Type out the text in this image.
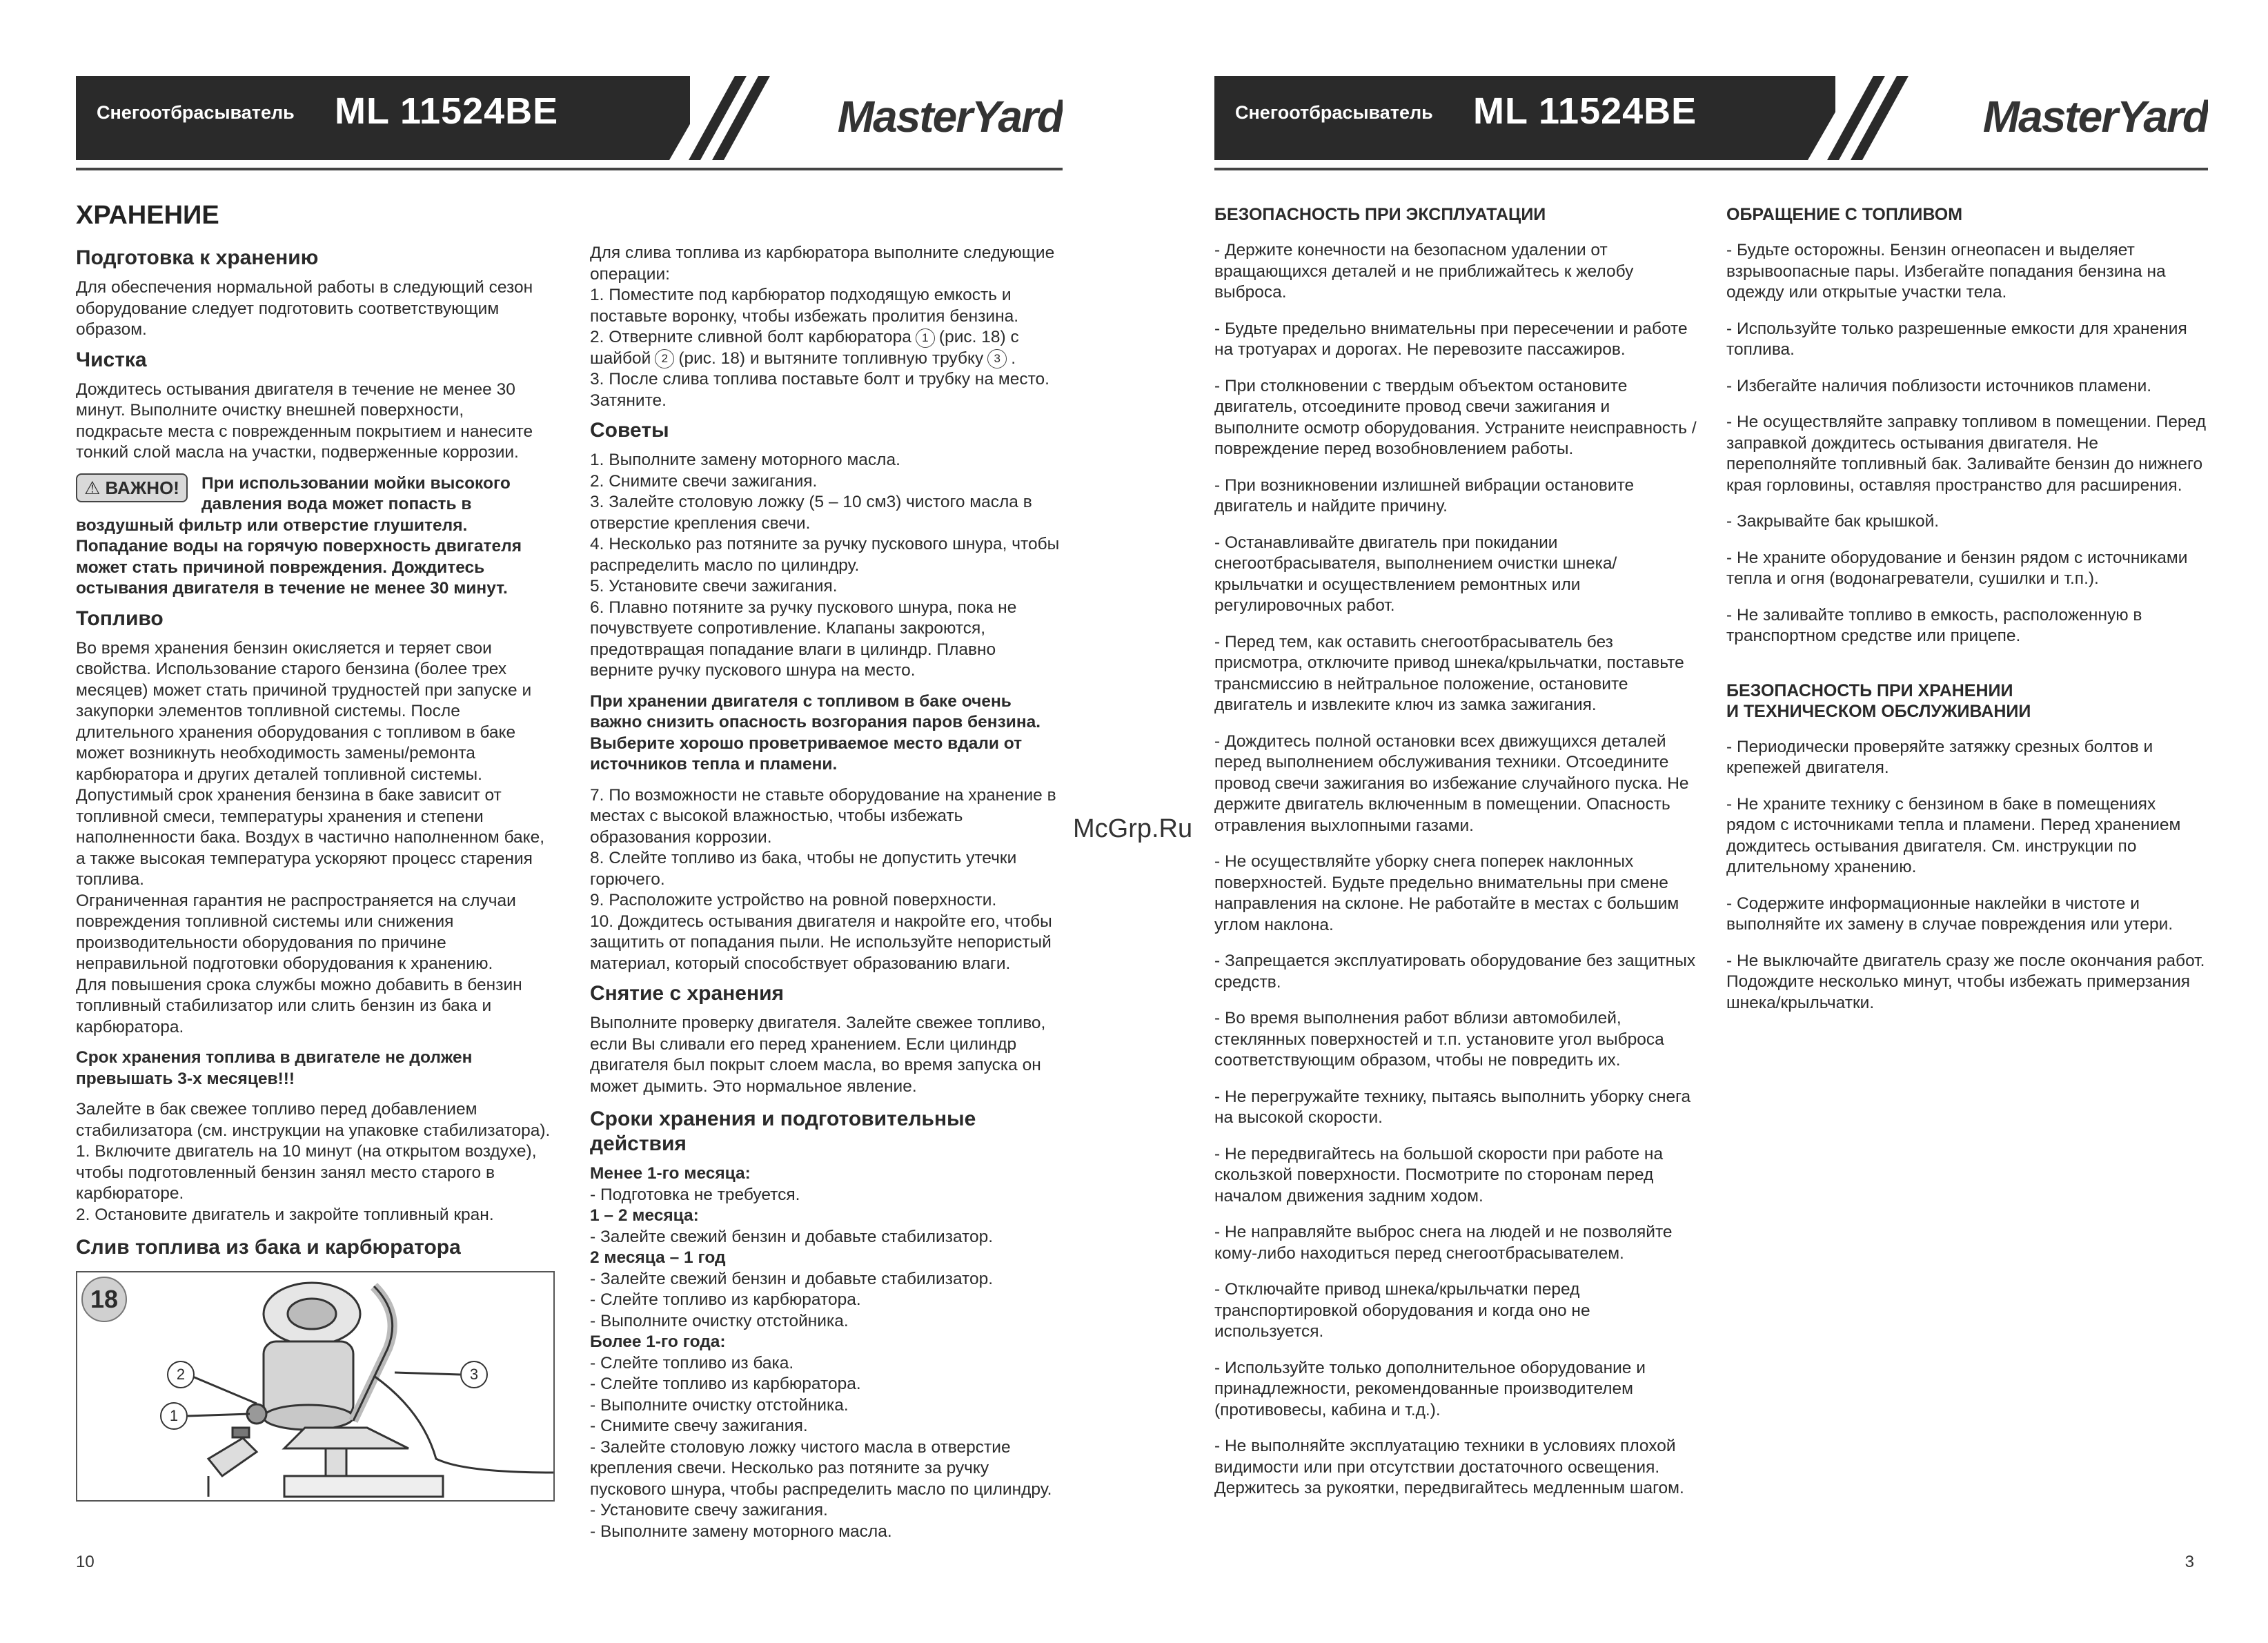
Снегоотбрасыватель ML 11524BE	MasterYard
ХРАНЕНИЕ
Подготовка к хранению

Для обеспечения нормальной работы в следующий сезон оборудование следует подготовить соответствующим образом.

Чистка

Дождитесь остывания двигателя в течение не менее 30 минут. Выполните очистку внешней поверхности, подкрасьте места с поврежденным покрытием и нанесите тонкий слой масла на участки, подверженные коррозии.

⚠ ВАЖНО!	При использовании мойки высокого давления вода может попасть в воздушный фильтр или отверстие глушителя. Попадание воды на горячую поверхность двигателя может стать причиной повреждения. Дождитесь остывания двигателя в течение не менее 30 минут.
Топливо

Во время хранения бензин окисляется и теряет свои свойства. Использование старого бензина (более трех месяцев) может стать причиной трудностей при запуске и закупорки элементов топливной системы. После длительного хранения оборудования с топливом в баке может возникнуть необходимость замены/ремонта карбюратора и других деталей топливной системы.

Допустимый срок хранения бензина в баке зависит от топливной смеси, температуры хранения и степени наполненности бака. Воздух в частично наполненном баке, а также высокая температура ускоряют процесс старения топлива.

Ограниченная гарантия не распространяется на случаи повреждения топливной системы или снижения производительности оборудования по причине неправильной подготовки оборудования к хранению.

Для повышения срока службы можно добавить в бензин топливный стабилизатор или слить бензин из бака и карбюратора.

Срок хранения топлива в двигателе не должен превышать 3-х месяцев!!!

Залейте в бак свежее топливо перед добавлением стабилизатора (см. инструкции на упаковке стабилизатора).

1. Включите двигатель на 10 минут (на открытом воздухе), чтобы подготовленный бензин занял место старого в карбюраторе.

2. Остановите двигатель и закройте топливный кран.

Слив топлива из бака и карбюратора
18
1
2	3

Для слива топлива из карбюратора выполните следующие операции:

1. Поместите под карбюратор подходящую емкость и поставьте воронку, чтобы избежать пролития бензина.

2. Отверните сливной болт карбюратора 1 (рис. 18) с шайбой 2 (рис. 18) и вытяните топливную трубку 3 .

3. После слива топлива поставьте болт и трубку на место. Затяните.

Советы

1. Выполните замену моторного масла.

2. Снимите свечи зажигания.

3. Залейте столовую ложку (5 – 10 см3) чистого масла в отверстие крепления свечи.

4. Несколько раз потяните за ручку пускового шнура, чтобы распределить масло по цилиндру.

5. Установите свечи зажигания.

6. Плавно потяните за ручку пускового шнура, пока не почувствуете сопротивление. Клапаны закроются, предотвращая попадание влаги в цилиндр. Плавно верните ручку пускового шнура на место.

При хранении двигателя с топливом в баке очень важно снизить опасность возгорания паров бензина. Выберите хорошо проветриваемое место вдали от источников тепла и пламени.

7. По возможности не ставьте оборудование на хранение в местах с высокой влажностью, чтобы избежать образования коррозии.

8. Слейте топливо из бака, чтобы не допустить утечки горючего.

9. Расположите устройство на ровной поверхности.

10. Дождитесь остывания двигателя и накройте его, чтобы защитить от попадания пыли. Не используйте непористый материал, который способствует образованию влаги.

Снятие с хранения

Выполните проверку двигателя. Залейте свежее топливо, если Вы сливали его перед хранением. Если цилиндр двигателя был покрыт слоем масла, во время запуска он может дымить. Это нормальное явление.

Сроки хранения и подготовительные действия

Менее 1-го месяца:

- Подготовка не требуется.

1 – 2 месяца:

- Залейте свежий бензин и добавьте стабилизатор.

2 месяца – 1 год

- Залейте свежий бензин и добавьте стабилизатор.

- Слейте топливо из карбюратора.

- Выполните очистку отстойника.

Более 1-го года:

- Слейте топливо из бака.

- Слейте топливо из карбюратора.

- Выполните очистку отстойника.

- Снимите свечу зажигания.

- Залейте столовую ложку чистого масла в отверстие крепления свечи. Несколько раз потяните за ручку пускового шнура, чтобы распределить масло по цилиндру.

- Установите свечу зажигания.

- Выполните замену моторного масла.

10
McGrp.Ru
Снегоотбрасыватель ML 11524BE	MasterYard
БЕЗОПАСНОСТЬ ПРИ ЭКСПЛУАТАЦИИ

- Держите конечности на безопасном удалении от вращающихся деталей и не приближайтесь к желобу выброса.

- Будьте предельно внимательны при пересечении и работе на тротуарах и дорогах. Не перевозите пассажиров.

- При столкновении с твердым объектом остановите двигатель, отсоедините провод свечи зажигания и выполните осмотр оборудования. Устраните неисправность / повреждение перед возобновлением работы.

- При возникновении излишней вибрации остановите двигатель и найдите причину.

- Останавливайте двигатель при покидании снегоотбрасывателя, выполнением очистки шнека/крыльчатки и осуществлением ремонтных или регулировочных работ.

- Перед тем, как оставить снегоотбрасыватель без присмотра, отключите привод шнека/крыльчатки, поставьте трансмиссию в нейтральное положение, остановите двигатель и извлеките ключ из замка зажигания.

- Дождитесь полной остановки всех движущихся деталей перед выполнением обслуживания техники. Отсоедините провод свечи зажигания во избежание случайного пуска. Не держите двигатель включенным в помещении. Опасность отравления выхлопными газами.

- Не осуществляйте уборку снега поперек наклонных поверхностей. Будьте предельно внимательны при смене направления на склоне. Не работайте в местах с большим углом наклона.

- Запрещается эксплуатировать оборудование без защитных средств.

- Во время выполнения работ вблизи автомобилей, стеклянных поверхностей и т.п. установите угол выброса соответствующим образом, чтобы не повредить их.

- Не перегружайте технику, пытаясь выполнить уборку снега на высокой скорости.

- Не передвигайтесь на большой скорости при работе на скользкой поверхности. Посмотрите по сторонам перед началом движения задним ходом.

- Не направляйте выброс снега на людей и не позволяйте кому-либо находиться перед снегоотбрасывателем.

- Отключайте привод шнека/крыльчатки перед транспортировкой оборудования и когда оно не используется.

- Используйте только дополнительное оборудование и принадлежности, рекомендованные производителем (противовесы, кабина и т.д.).

- Не выполняйте эксплуатацию техники в условиях плохой видимости или при отсутствии достаточного освещения. Держитесь за рукоятки, передвигайтесь медленным шагом.

ОБРАЩЕНИЕ С ТОПЛИВОМ

- Будьте осторожны. Бензин огнеопасен и выделяет взрывоопасные пары. Избегайте попадания бензина на одежду или открытые участки тела.

- Используйте только разрешенные емкости для хранения топлива.

- Избегайте наличия поблизости источников пламени.

- Не осуществляйте заправку топливом в помещении. Перед заправкой дождитесь остывания двигателя. Не переполняйте топливный бак. Заливайте бензин до нижнего края горловины, оставляя пространство для расширения.

- Закрывайте бак крышкой.

- Не храните оборудование и бензин рядом с источниками тепла и огня (водонагреватели, сушилки и т.п.).

- Не заливайте топливо в емкость, расположенную в транспортном средстве или прицепе.

БЕЗОПАСНОСТЬ ПРИ ХРАНЕНИИ
И ТЕХНИЧЕСКОМ ОБСЛУЖИВАНИИ

- Периодически проверяйте затяжку срезных болтов и крепежей двигателя.

- Не храните технику с бензином в баке в помещениях рядом с источниками тепла и пламени. Перед хранением дождитесь остывания двигателя. См. инструкции по длительному хранению.

- Содержите информационные наклейки в чистоте и выполняйте их замену в случае повреждения или утери.

- Не выключайте двигатель сразу же после окончания работ. Подождите несколько минут, чтобы избежать примерзания шнека/крыльчатки.

3
